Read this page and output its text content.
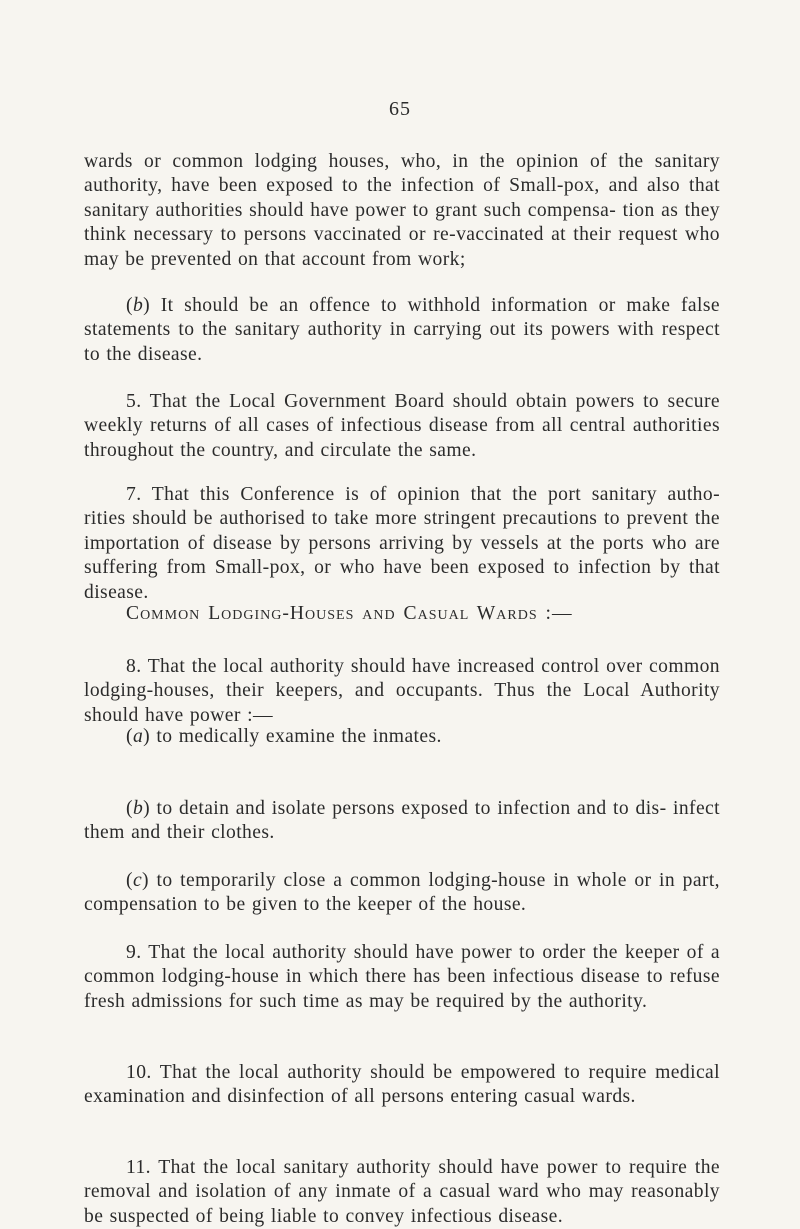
65
wards or common lodging houses, who, in the opinion of the sanitary authority, have been exposed to the infection of Small-pox, and also that sanitary authorities should have power to grant such compensa- tion as they think necessary to persons vaccinated or re-vaccinated at their request who may be prevented on that account from work;
(b) It should be an offence to withhold information or make false statements to the sanitary authority in carrying out its powers with respect to the disease.
5. That the Local Government Board should obtain powers to secure weekly returns of all cases of infectious disease from all central authorities throughout the country, and circulate the same.
7. That this Conference is of opinion that the port sanitary autho- rities should be authorised to take more stringent precautions to prevent the importation of disease by persons arriving by vessels at the ports who are suffering from Small-pox, or who have been exposed to infection by that disease.
Common Lodging-Houses and Casual Wards :—
8. That the local authority should have increased control over common lodging-houses, their keepers, and occupants. Thus the Local Authority should have power :—
(a) to medically examine the inmates.
(b) to detain and isolate persons exposed to infection and to dis- infect them and their clothes.
(c) to temporarily close a common lodging-house in whole or in part, compensation to be given to the keeper of the house.
9. That the local authority should have power to order the keeper of a common lodging-house in which there has been infectious disease to refuse fresh admissions for such time as may be required by the authority.
10. That the local authority should be empowered to require medical examination and disinfection of all persons entering casual wards.
11. That the local sanitary authority should have power to require the removal and isolation of any inmate of a casual ward who may reasonably be suspected of being liable to convey infectious disease.
